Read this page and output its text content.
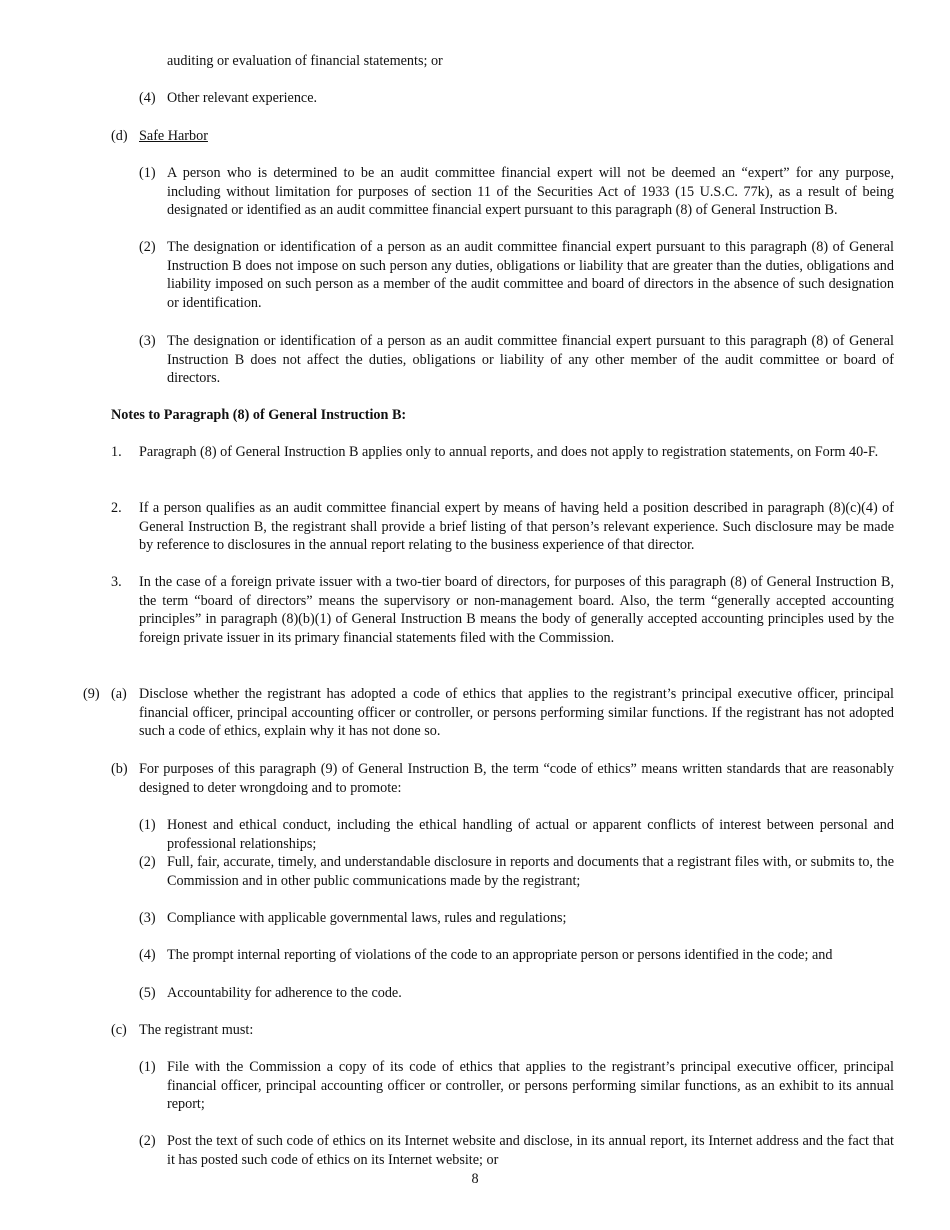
auditing or evaluation of financial statements; or
(4) Other relevant experience.
(d) Safe Harbor
(1) A person who is determined to be an audit committee financial expert will not be deemed an “expert” for any purpose, including without limitation for purposes of section 11 of the Securities Act of 1933 (15 U.S.C. 77k), as a result of being designated or identified as an audit committee financial expert pursuant to this paragraph (8) of General Instruction B.
(2) The designation or identification of a person as an audit committee financial expert pursuant to this paragraph (8) of General Instruction B does not impose on such person any duties, obligations or liability that are greater than the duties, obligations and liability imposed on such person as a member of the audit committee and board of directors in the absence of such designation or identification.
(3) The designation or identification of a person as an audit committee financial expert pursuant to this paragraph (8) of General Instruction B does not affect the duties, obligations or liability of any other member of the audit committee or board of directors.
Notes to Paragraph (8) of General Instruction B:
1. Paragraph (8) of General Instruction B applies only to annual reports, and does not apply to registration statements, on Form 40-F.
2. If a person qualifies as an audit committee financial expert by means of having held a position described in paragraph (8)(c)(4) of General Instruction B, the registrant shall provide a brief listing of that person’s relevant experience. Such disclosure may be made by reference to disclosures in the annual report relating to the business experience of that director.
3. In the case of a foreign private issuer with a two-tier board of directors, for purposes of this paragraph (8) of General Instruction B, the term “board of directors” means the supervisory or non-management board. Also, the term “generally accepted accounting principles” in paragraph (8)(b)(1) of General Instruction B means the body of generally accepted accounting principles used by the foreign private issuer in its primary financial statements filed with the Commission.
(9) (a) Disclose whether the registrant has adopted a code of ethics that applies to the registrant’s principal executive officer, principal financial officer, principal accounting officer or controller, or persons performing similar functions. If the registrant has not adopted such a code of ethics, explain why it has not done so.
(b) For purposes of this paragraph (9) of General Instruction B, the term “code of ethics” means written standards that are reasonably designed to deter wrongdoing and to promote:
(1) Honest and ethical conduct, including the ethical handling of actual or apparent conflicts of interest between personal and professional relationships;
(2) Full, fair, accurate, timely, and understandable disclosure in reports and documents that a registrant files with, or submits to, the Commission and in other public communications made by the registrant;
(3) Compliance with applicable governmental laws, rules and regulations;
(4) The prompt internal reporting of violations of the code to an appropriate person or persons identified in the code; and
(5) Accountability for adherence to the code.
(c) The registrant must:
(1) File with the Commission a copy of its code of ethics that applies to the registrant’s principal executive officer, principal financial officer, principal accounting officer or controller, or persons performing similar functions, as an exhibit to its annual report;
(2) Post the text of such code of ethics on its Internet website and disclose, in its annual report, its Internet address and the fact that it has posted such code of ethics on its Internet website; or
8
